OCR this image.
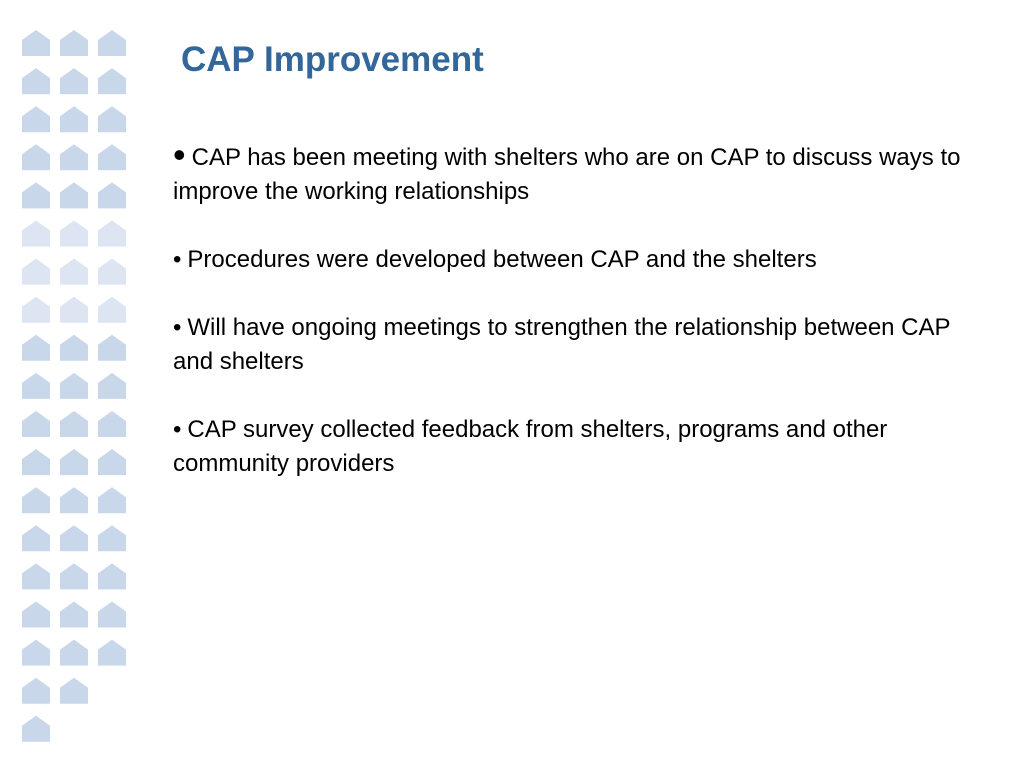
CAP Improvement

• CAP has been meeting with shelters who are on CAP to discuss ways to improve the working relationships

• Procedures were developed between CAP and the shelters

• Will have ongoing meetings to strengthen the relationship between CAP and shelters

• CAP survey collected feedback from shelters, programs and other community providers
